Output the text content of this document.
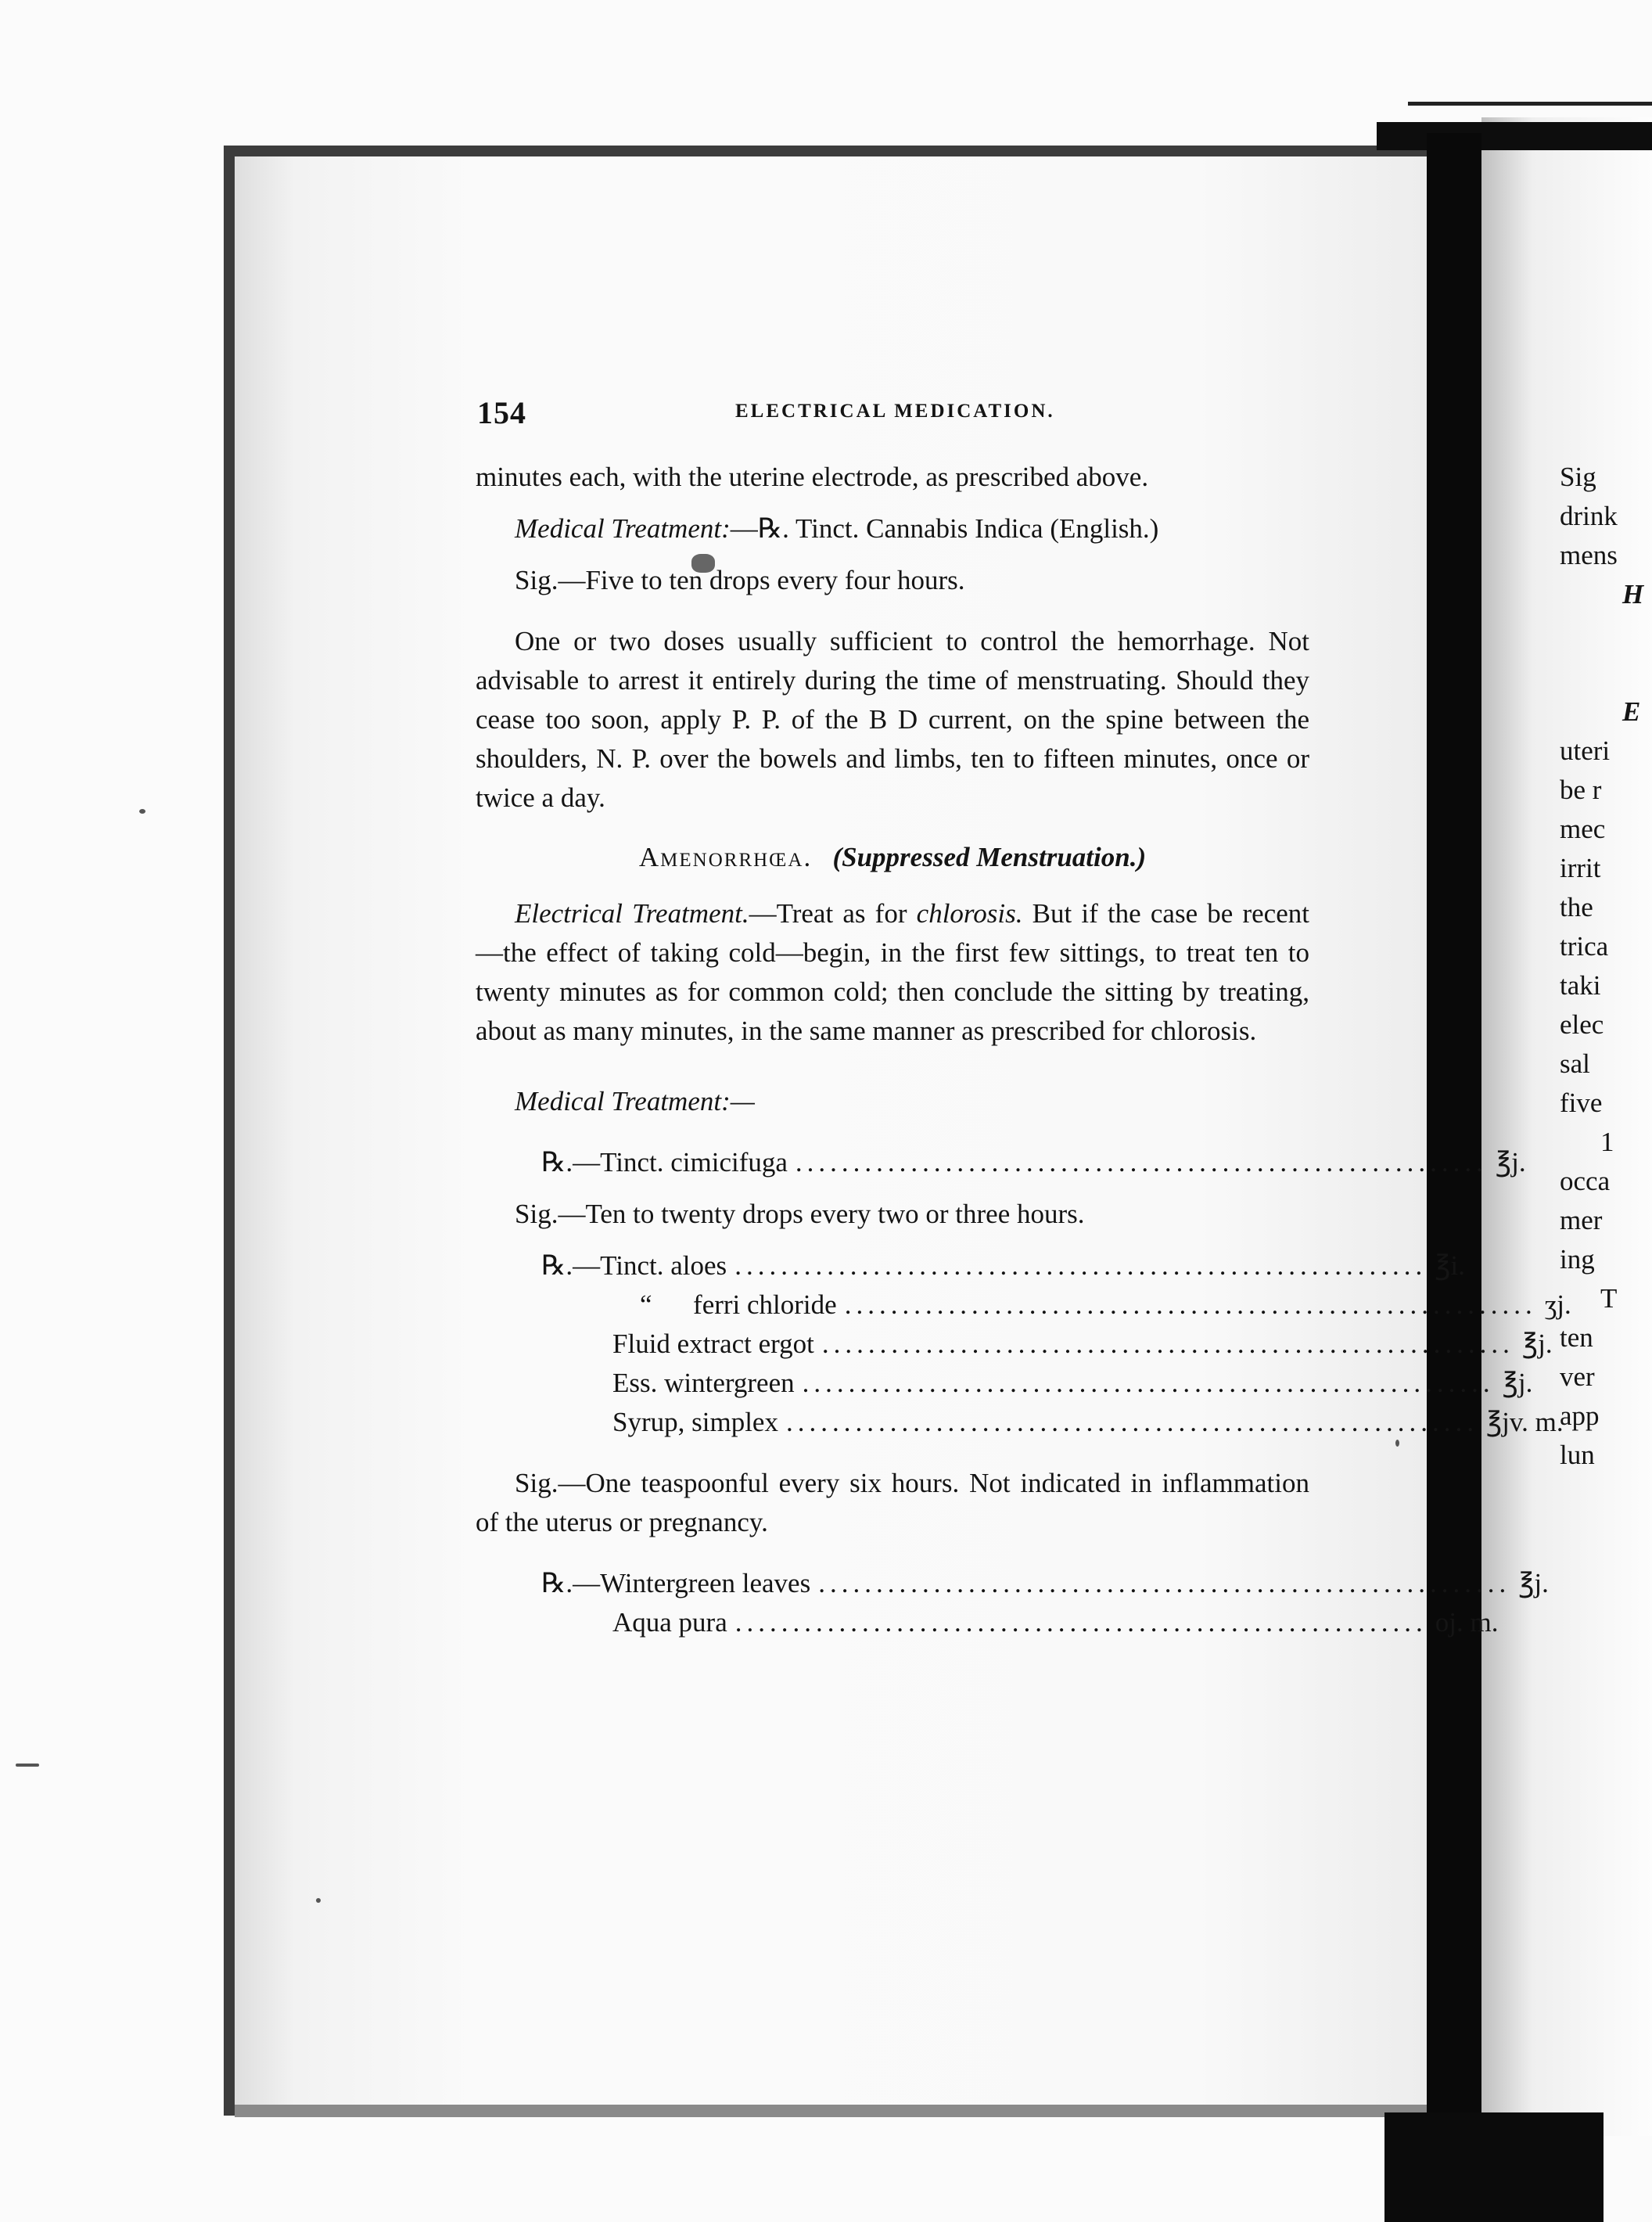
154	ELECTRICAL MEDICATION.

minutes each, with the uterine electrode, as prescribed above.

Medical Treatment:—℞. Tinct. Cannabis Indica (English.)

Sig.—Five to ten drops every four hours.

One or two doses usually sufficient to control the hemorrhage. Not advisable to arrest it entirely during the time of menstruating. Should they cease too soon, apply P. P. of the B D current, on the spine between the shoulders, N. P. over the bowels and limbs, ten to fifteen minutes, once or twice a day.

Amenorrhœa. (Suppressed Menstruation.)

Electrical Treatment.—Treat as for chlorosis. But if the case be recent—the effect of taking cold—begin, in the first few sittings, to treat ten to twenty minutes as for common cold; then conclude the sitting by treating, about as many minutes, in the same manner as prescribed for chlorosis.

Medical Treatment:—

℞.—Tinct. cimicifuga ............................................................ ℥j.

Sig.—Ten to twenty drops every two or three hours.

℞.—Tinct. aloes ............................................................ ℥i.
“      ferri chloride ............................................................ ʒj.
Fluid extract ergot ............................................................ ℥j.
Ess. wintergreen ............................................................ ℥j.
Syrup, simplex ............................................................ ℥jv. m.

Sig.—One teaspoonful every six hours. Not indicated in inflammation of the uterus or pregnancy.

℞.—Wintergreen leaves ............................................................ ℥j.
Aqua pura ............................................................ oj. m.
Sig
drink
mens
H
E
uteri
be r
mec
irrit
the
trica
taki
elec
sal
five
1
occa
mer
ing
T
ten
ver
app
lun
